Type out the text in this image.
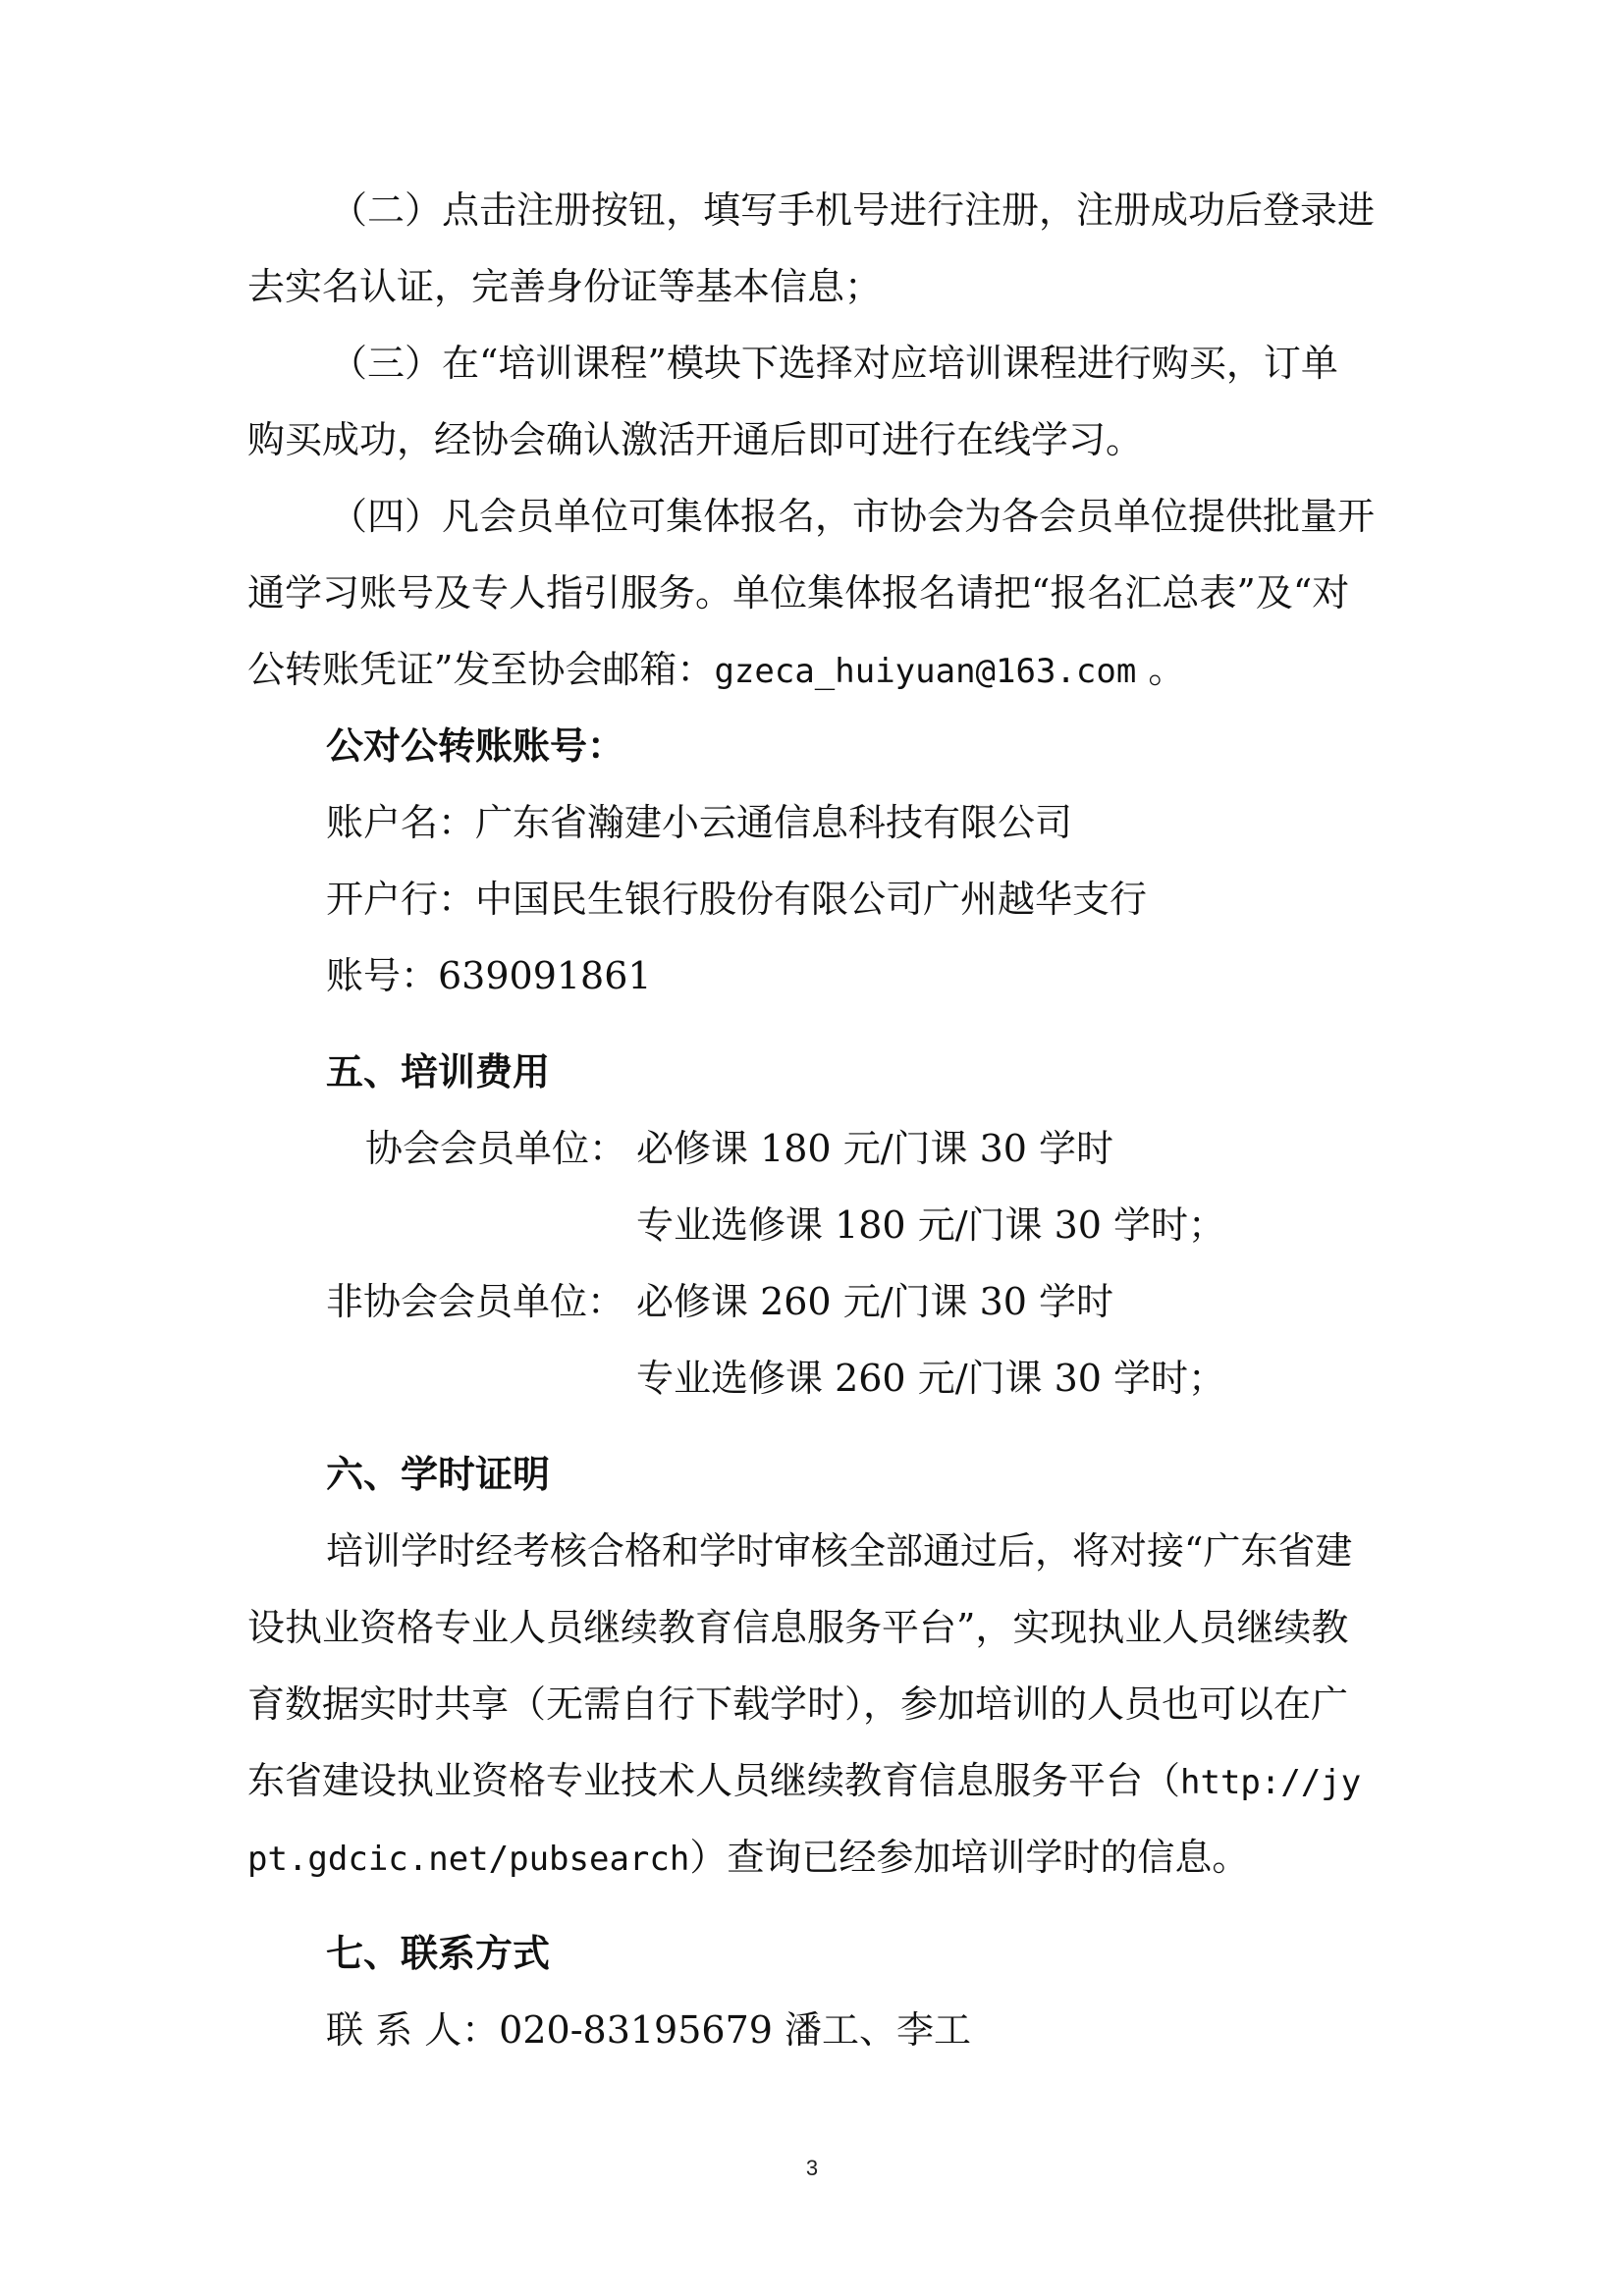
（二）点击注册按钮，填写手机号进行注册，注册成功后登录进
去实名认证，完善身份证等基本信息；
（三）在“培训课程”模块下选择对应培训课程进行购买，订单
购买成功，经协会确认激活开通后即可进行在线学习。
（四）凡会员单位可集体报名，市协会为各会员单位提供批量开
通学习账号及专人指引服务。单位集体报名请把“报名汇总表”及“对
公转账凭证”发至协会邮箱：gzeca_huiyuan@163.com 。
公对公转账账号：
账户名：广东省瀚建小云通信息科技有限公司
开户行：中国民生银行股份有限公司广州越华支行
账号：639091861
五、培训费用
协会会员单位： 必修课 180 元/门课 30 学时
专业选修课 180 元/门课 30 学时；
非协会会员单位： 必修课 260 元/门课 30 学时
专业选修课 260 元/门课 30 学时；
六、学时证明
培训学时经考核合格和学时审核全部通过后，将对接“广东省建
设执业资格专业人员继续教育信息服务平台”，实现执业人员继续教
育数据实时共享（无需自行下载学时），参加培训的人员也可以在广
东省建设执业资格专业技术人员继续教育信息服务平台（http://jy
pt.gdcic.net/pubsearch）查询已经参加培训学时的信息。
七、联系方式
联 系 人：020-83195679 潘工、李工
3
